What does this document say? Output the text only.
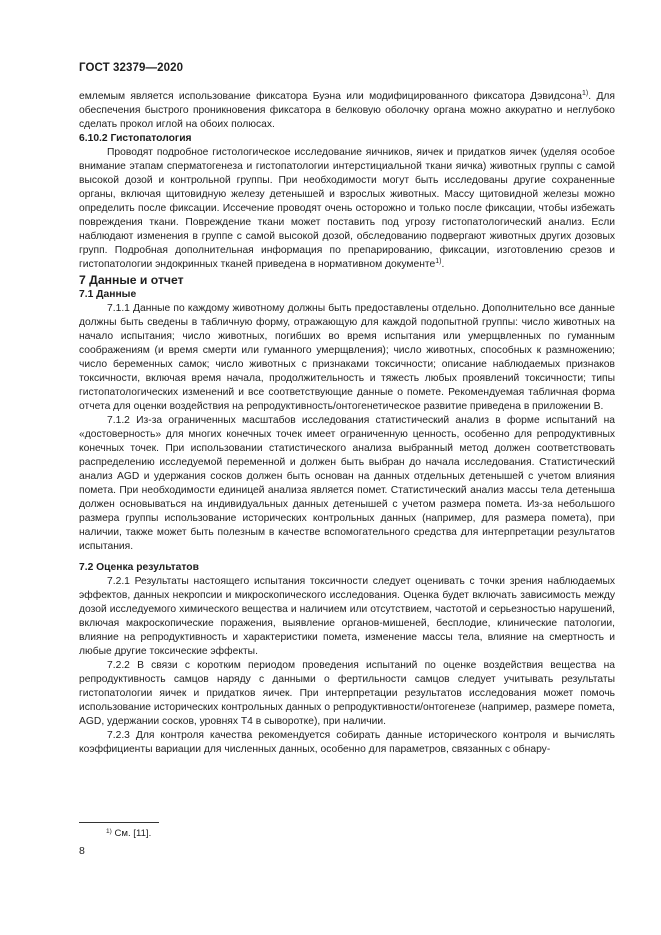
ГОСТ 32379—2020

емлемым является использование фиксатора Буэна или модифицированного фиксатора Дэвидсона$^{1)}$. Для обеспечения быстрого проникновения фиксатора в белковую оболочку органа можно аккуратно и неглубоко сделать прокол иглой на обоих полюсах.

6.10.2 Гистопатология

Проводят подробное гистологическое исследование яичников, яичек и придатков яичек (уделяя особое внимание этапам сперматогенеза и гистопатологии интерстициальной ткани яичка) животных группы с самой высокой дозой и контрольной группы. При необходимости могут быть исследованы другие сохраненные органы, включая щитовидную железу детенышей и взрослых животных. Массу щитовидной железы можно определить после фиксации. Иссечение проводят очень осторожно и только после фиксации, чтобы избежать повреждения ткани. Повреждение ткани может поставить под угрозу гистопатологический анализ. Если наблюдают изменения в группе с самой высокой дозой, обследованию подвергают животных других дозовых групп. Подробная дополнительная информация по препарированию, фиксации, изготовлению срезов и гистопатологии эндокринных тканей приведена в нормативном документе$^{1)}$.

7 Данные и отчет

7.1 Данные

7.1.1 Данные по каждому животному должны быть предоставлены отдельно. Дополнительно все данные должны быть сведены в табличную форму, отражающую для каждой подопытной группы: число животных на начало испытания; число животных, погибших во время испытания или умерщвленных по гуманным соображениям (и время смерти или гуманного умерщвления); число животных, способных к размножению; число беременных самок; число животных с признаками токсичности; описание наблюдаемых признаков токсичности, включая время начала, продолжительность и тяжесть любых проявлений токсичности; типы гистопатологических изменений и все соответствующие данные о помете. Рекомендуемая табличная форма отчета для оценки воздействия на репродуктивность/онтогенетическое развитие приведена в приложении В.

7.1.2 Из-за ограниченных масштабов исследования статистический анализ в форме испытаний на «достоверность» для многих конечных точек имеет ограниченную ценность, особенно для репродуктивных конечных точек. При использовании статистического анализа выбранный метод должен соответствовать распределению исследуемой переменной и должен быть выбран до начала исследования. Статистический анализ AGD и удержания сосков должен быть основан на данных отдельных детенышей с учетом влияния помета. При необходимости единицей анализа является помет. Статистический анализ массы тела детеныша должен основываться на индивидуальных данных детенышей с учетом размера помета. Из-за небольшого размера группы использование исторических контрольных данных (например, для размера помета), при наличии, также может быть полезным в качестве вспомогательного средства для интерпретации результатов испытания.

7.2 Оценка результатов

7.2.1 Результаты настоящего испытания токсичности следует оценивать с точки зрения наблюдаемых эффектов, данных некропсии и микроскопического исследования. Оценка будет включать зависимость между дозой исследуемого химического вещества и наличием или отсутствием, частотой и серьезностью нарушений, включая макроскопические поражения, выявление органов-мишеней, бесплодие, клинические патологии, влияние на репродуктивность и характеристики помета, изменение массы тела, влияние на смертность и любые другие токсические эффекты.

7.2.2 В связи с коротким периодом проведения испытаний по оценке воздействия вещества на репродуктивность самцов наряду с данными о фертильности самцов следует учитывать результаты гистопатологии яичек и придатков яичек. При интерпретации результатов исследования может помочь использование исторических контрольных данных о репродуктивности/онтогенезе (например, размере помета, AGD, удержании сосков, уровнях Т4 в сыворотке), при наличии.

7.2.3 Для контроля качества рекомендуется собирать данные исторического контроля и вычислять коэффициенты вариации для численных данных, особенно для параметров, связанных с обнару-

$^{1)}$ См. [11].
8
